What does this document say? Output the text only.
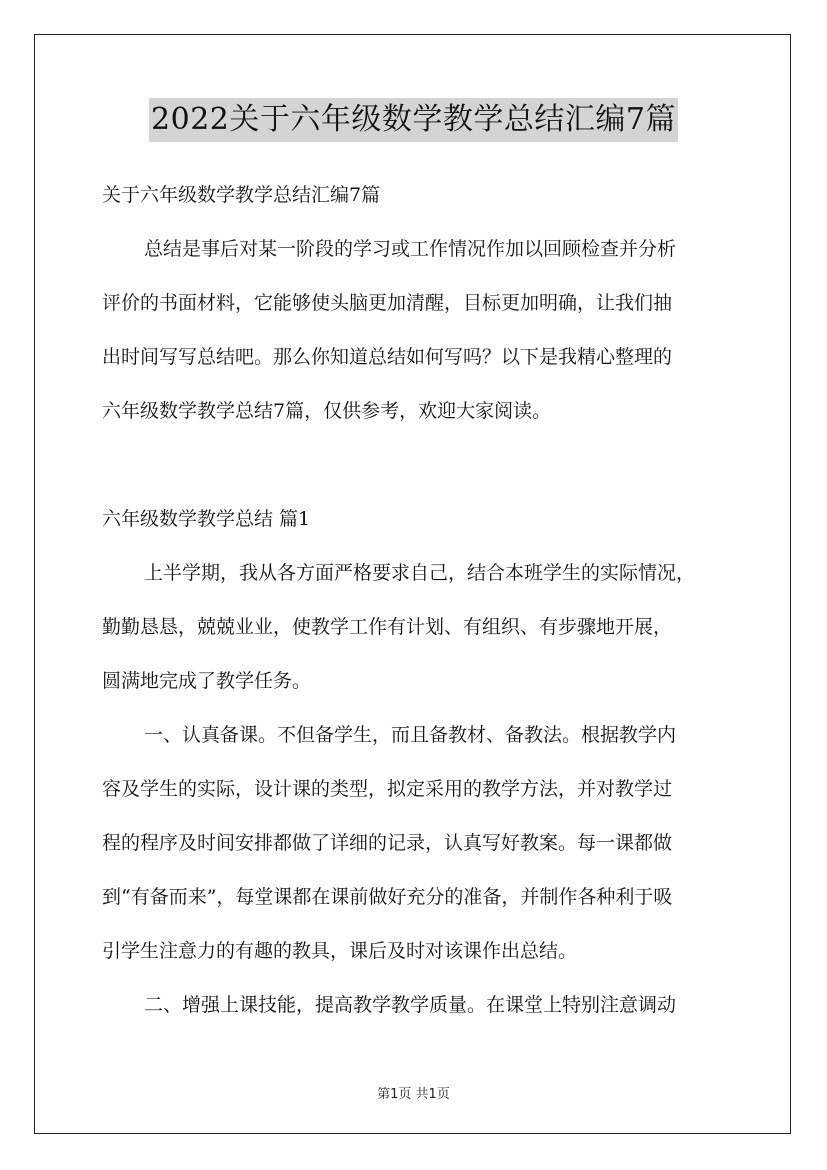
2022关于六年级数学教学总结汇编7篇
关于六年级数学教学总结汇编7篇
总结是事后对某一阶段的学习或工作情况作加以回顾检查并分析
评价的书面材料，它能够使头脑更加清醒，目标更加明确，让我们抽
出时间写写总结吧。那么你知道总结如何写吗？以下是我精心整理的
六年级数学教学总结7篇，仅供参考，欢迎大家阅读。
六年级数学教学总结 篇1
上半学期，我从各方面严格要求自己，结合本班学生的实际情况，
勤勤恳恳，兢兢业业，使教学工作有计划、有组织、有步骤地开展，
圆满地完成了教学任务。
一、认真备课。不但备学生，而且备教材、备教法。根据教学内
容及学生的实际，设计课的类型，拟定采用的教学方法，并对教学过
程的程序及时间安排都做了详细的记录，认真写好教案。每一课都做
到“有备而来”，每堂课都在课前做好充分的准备，并制作各种利于吸
引学生注意力的有趣的教具，课后及时对该课作出总结。
二、增强上课技能，提高教学教学质量。在课堂上特别注意调动
第1页 共1页
